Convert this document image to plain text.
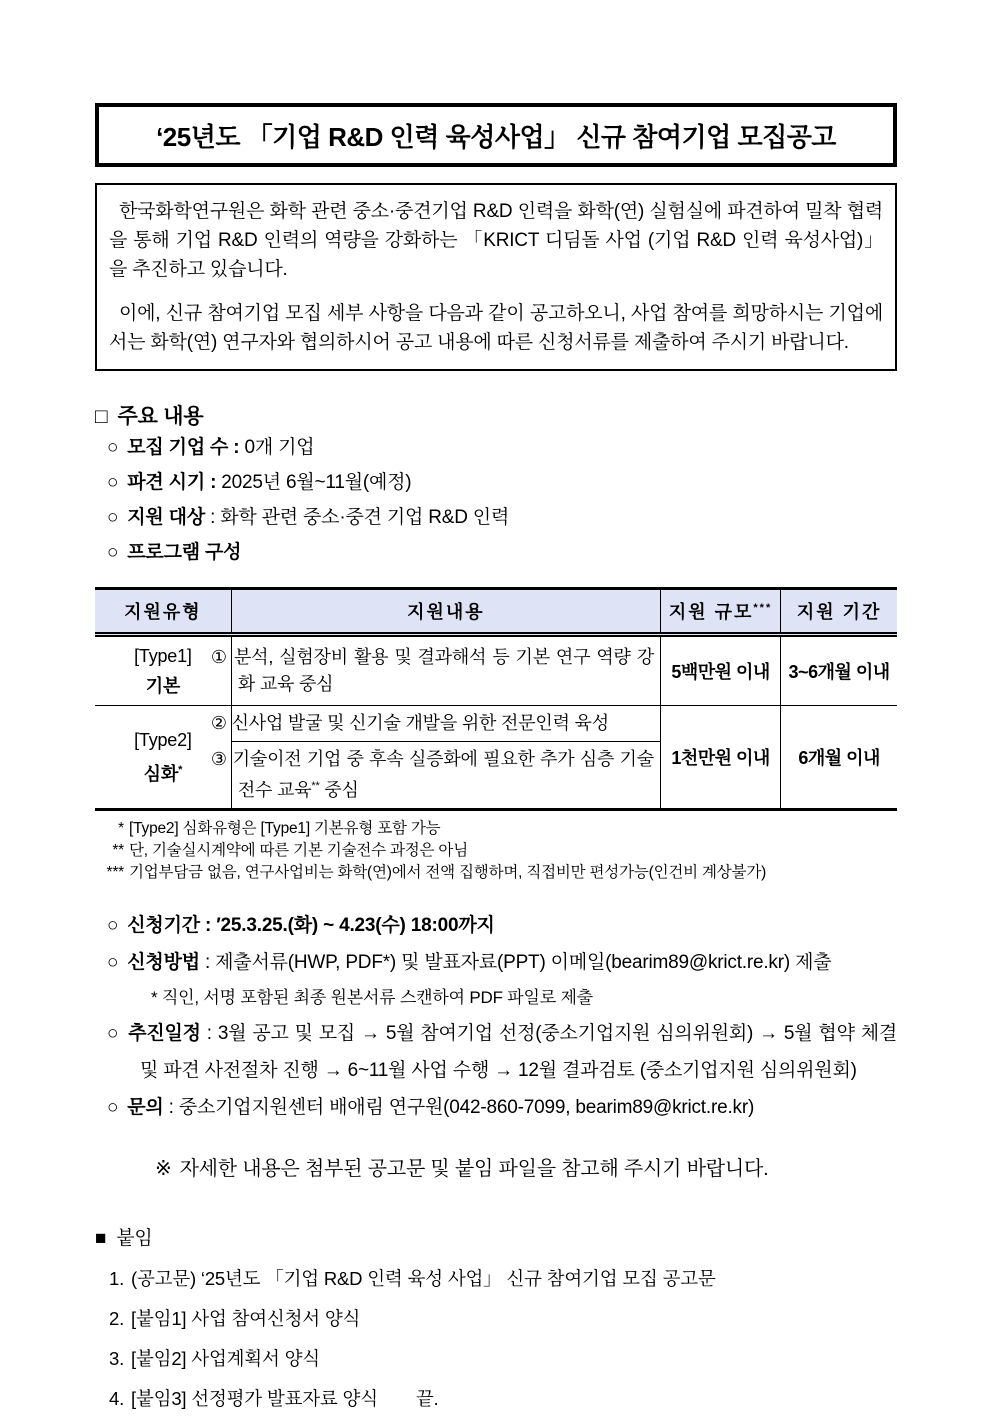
‘25년도 「기업 R&D 인력 육성사업」 신규 참여기업 모집공고

한국화학연구원은 화학 관련 중소·중견기업 R&D 인력을 화학(연) 실험실에 파견하여 밀착 협력을 통해 기업 R&D 인력의 역량을 강화하는 「KRICT 디딤돌 사업 (기업 R&D 인력 육성사업)」을 추진하고 있습니다.

이에, 신규 참여기업 모집 세부 사항을 다음과 같이 공고하오니, 사업 참여를 희망하시는 기업에서는 화학(연) 연구자와 협의하시어 공고 내용에 따른 신청서류를 제출하여 주시기 바랍니다.

□ 주요 내용
○ 모집 기업 수 : 0개 기업
○ 파견 시기 : 2025년 6월~11월(예정)
○ 지원 대상 : 화학 관련 중소·중견 기업 R&D 인력
○ 프로그램 구성
지원유형	지원내용	지원 규모***	지원 기간
[Type1]
기본	① 분석, 실험장비 활용 및 결과해석 등 기본 연구 역량 강화 교육 중심	5백만원 이내	3~6개월 이내
[Type2]
심화*	② 신사업 발굴 및 신기술 개발을 위한 전문인력 육성	1천만원 이내	6개월 이내
	③ 기술이전 기업 중 후속 실증화에 필요한 추가 심층 기술전수 교육** 중심		
* [Type2] 심화유형은 [Type1] 기본유형 포함 가능
** 단, 기술실시계약에 따른 기본 기술전수 과정은 아님
*** 기업부담금 없음, 연구사업비는 화학(연)에서 전액 집행하며, 직접비만 편성가능(인건비 계상불가)
○ 신청기간 : ′25.3.25.(화) ~ 4.23(수) 18:00까지
○ 신청방법 : 제출서류(HWP, PDF*) 및 발표자료(PPT) 이메일(bearim89@krict.re.kr) 제출
* 직인, 서명 포함된 최종 원본서류 스캔하여 PDF 파일로 제출
○ 추진일정 : 3월 공고 및 모집 → 5월 참여기업 선정(중소기업지원 심의위원회) → 5월 협약 체결 및 파견 사전절차 진행 → 6~11월 사업 수행 → 12월 결과검토 (중소기업지원 심의위원회)
○ 문의 : 중소기업지원센터 배애림 연구원(042-860-7099, bearim89@krict.re.kr)
※ 자세한 내용은 첨부된 공고문 및 붙임 파일을 참고해 주시기 바랍니다.
■ 붙임
1. (공고문) ‘25년도 「기업 R&D 인력 육성 사업」 신규 참여기업 모집 공고문
2. [붙임1] 사업 참여신청서 양식
3. [붙임2] 사업계획서 양식
4. [붙임3] 선정평가 발표자료 양식 끝.
